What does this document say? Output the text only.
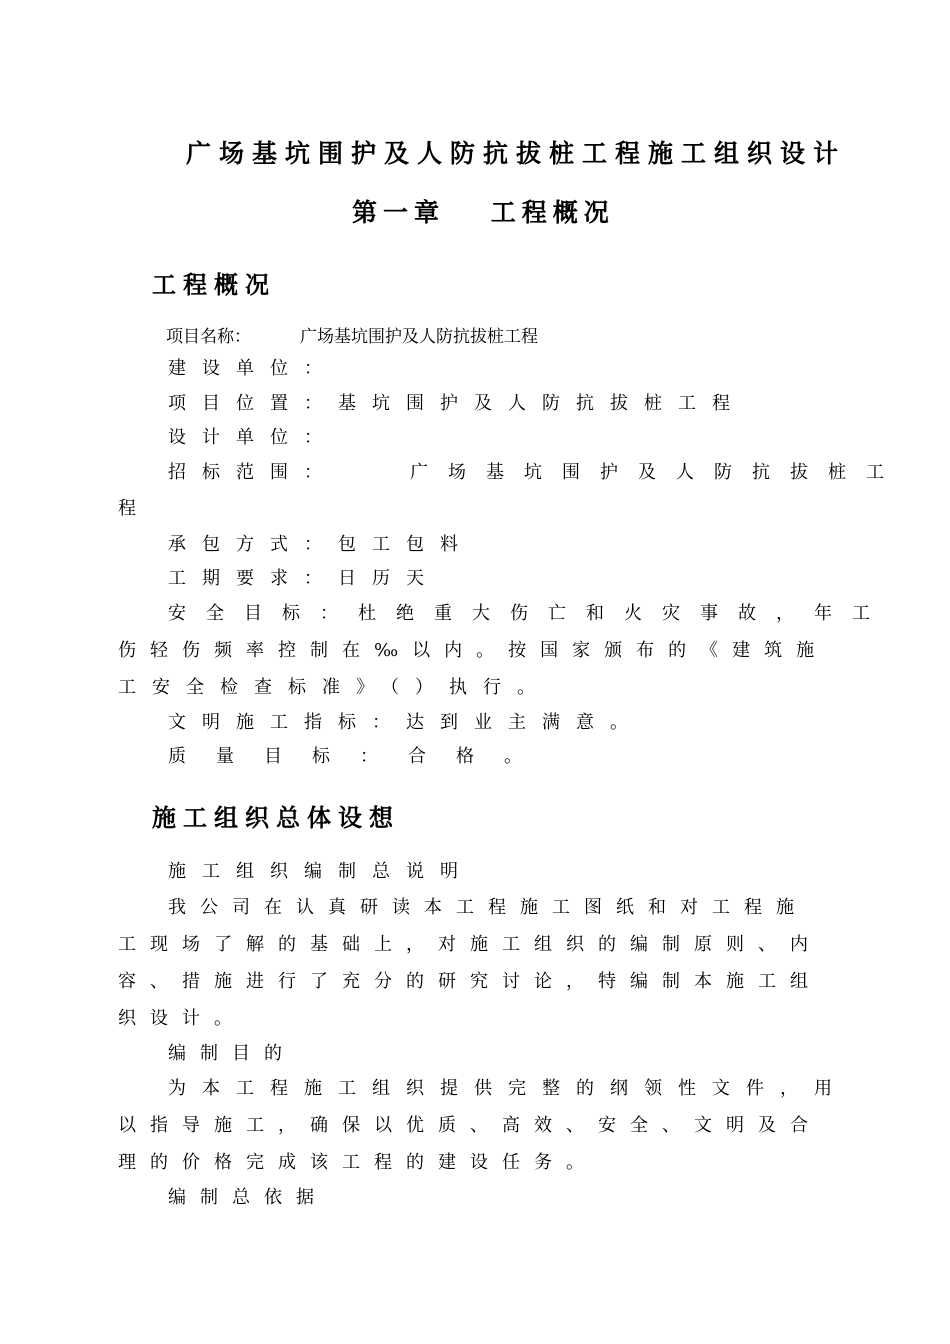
广场基坑围护及人防抗拔桩工程施工组织设计
第一章　 工程概况
工程概况
项目名称：	广场基坑围护及人防抗拔桩工程
建设单位：
项目位置：基坑围护及人防抗拔桩工程
设计单位：
招标范围：	广场基坑围护及人防抗拔桩工
程
承包方式：包工包料
工期要求：日历天
安全目标：杜绝重大伤亡和火灾事故，年工
伤轻伤频率控制在‰以内。按国家颁布的《建筑施
工安全检查标准》（）执行。
文明施工指标：达到业主满意。
质量目标：合格。
施工组织总体设想
施工组织编制总说明
我公司在认真研读本工程施工图纸和对工程施
工现场了解的基础上，对施工组织的编制原则、内
容、措施进行了充分的研究讨论，特编制本施工组
织设计。
编制目的
为本工程施工组织提供完整的纲领性文件，用
以指导施工，确保以优质、高效、安全、文明及合
理的价格完成该工程的建设任务。
编制总依据
